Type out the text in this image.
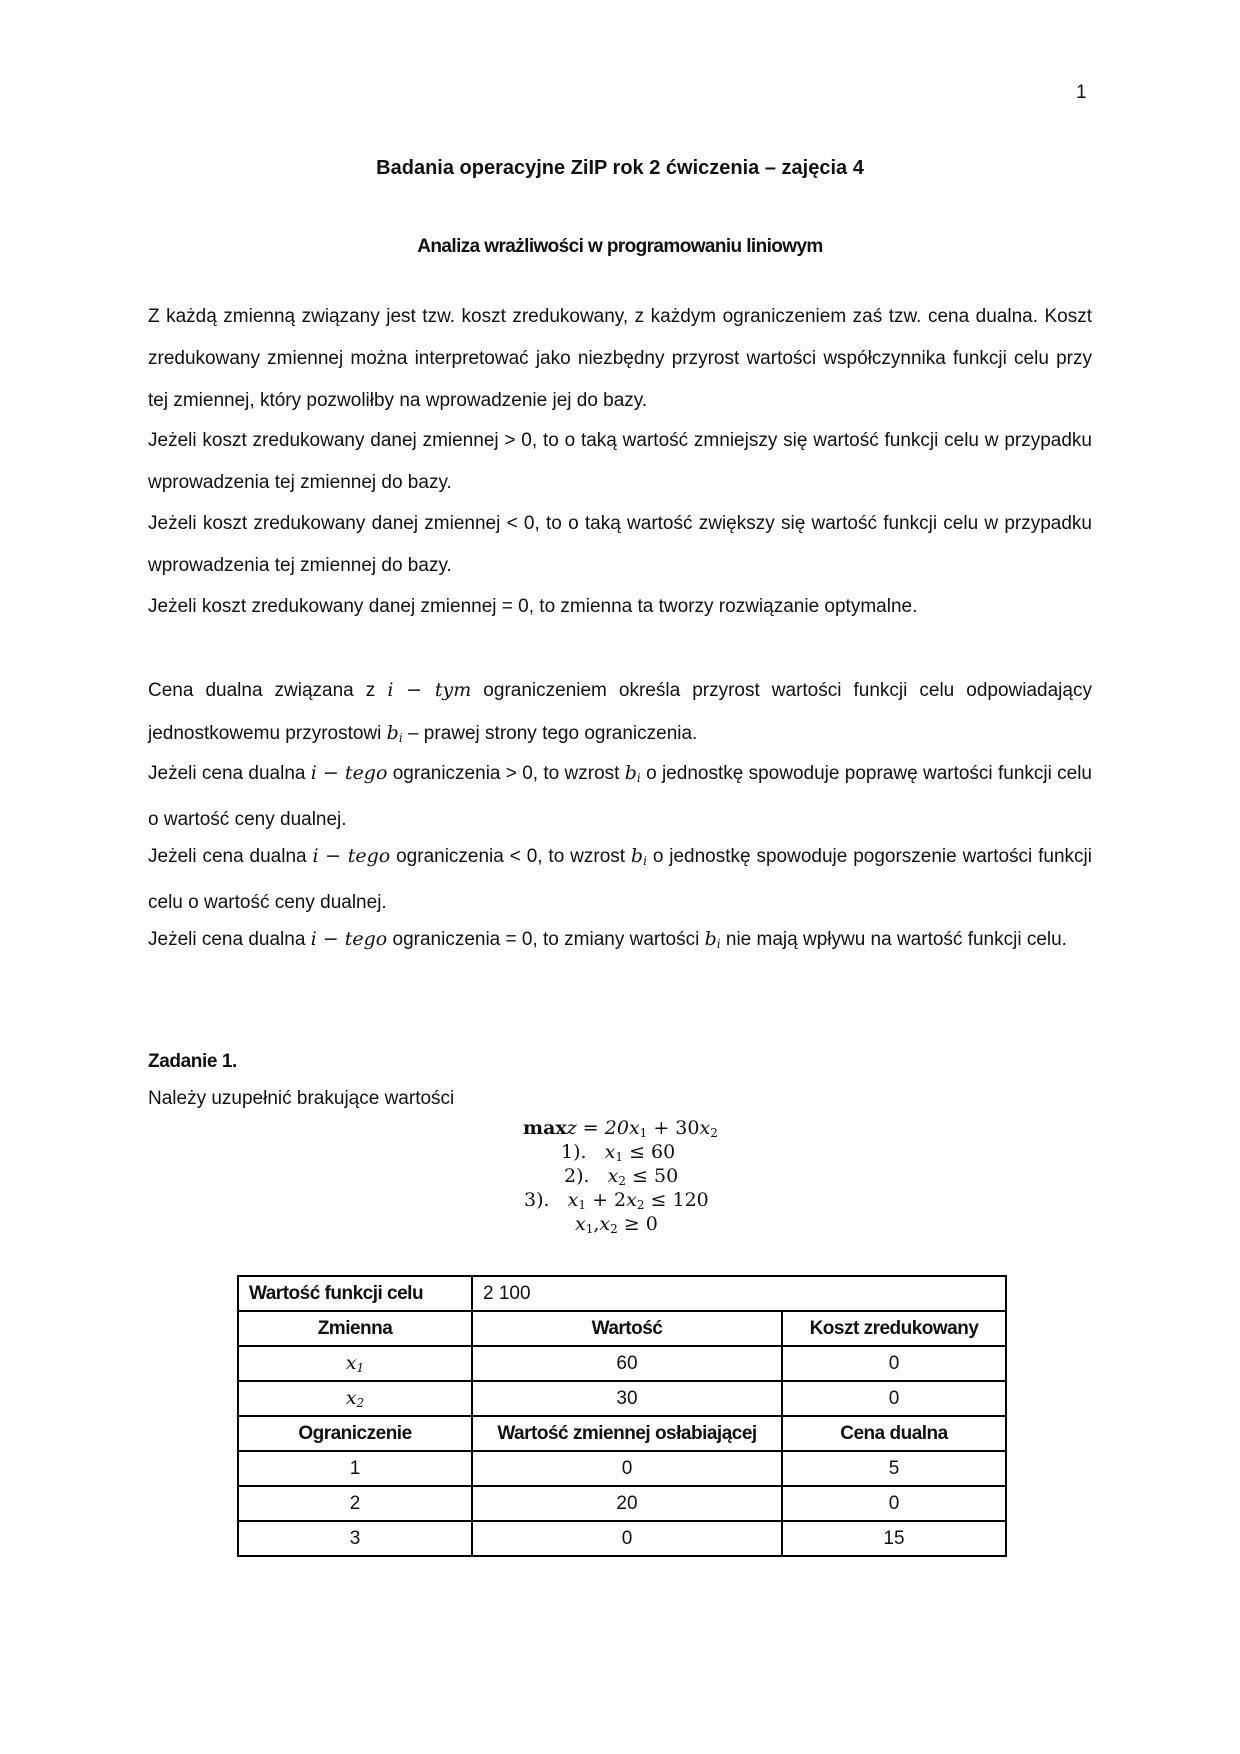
1
Badania operacyjne ZiIP rok 2 ćwiczenia – zajęcia 4
Analiza wrażliwości w programowaniu liniowym
Z każdą zmienną związany jest tzw. koszt zredukowany, z każdym ograniczeniem zaś tzw. cena dualna. Koszt zredukowany zmiennej można interpretować jako niezbędny przyrost wartości współczynnika funkcji celu przy tej zmiennej, który pozwoliłby na wprowadzenie jej do bazy.
Jeżeli koszt zredukowany danej zmiennej > 0, to o taką wartość zmniejszy się wartość funkcji celu w przypadku wprowadzenia tej zmiennej do bazy.
Jeżeli koszt zredukowany danej zmiennej < 0, to o taką wartość zwiększy się wartość funkcji celu w przypadku wprowadzenia tej zmiennej do bazy.
Jeżeli koszt zredukowany danej zmiennej = 0, to zmienna ta tworzy rozwiązanie optymalne.
Cena dualna związana z i − tym ograniczeniem określa przyrost wartości funkcji celu odpowiadający jednostkowemu przyrostowi $b_i$ – prawej strony tego ograniczenia.
Jeżeli cena dualna i − tego ograniczenia > 0, to wzrost $b_i$ o jednostkę spowoduje poprawę wartości funkcji celu o wartość ceny dualnej.
Jeżeli cena dualna i − tego ograniczenia < 0, to wzrost $b_i$ o jednostkę spowoduje pogorszenie wartości funkcji celu o wartość ceny dualnej.
Jeżeli cena dualna i − tego ograniczenia = 0, to zmiany wartości $b_i$ nie mają wpływu na wartość funkcji celu.
Zadanie 1.
Należy uzupełnić brakujące wartości
$\max z = 20x_1 + 30x_2$
1). $x_1 \le 60$
2). $x_2 \le 50$
3). $x_1 + 2x_2 \le 120$
$x_1,x_2 \ge 0$
Wartość funkcji celu	2 100	
Zmienna	Wartość	Koszt zredukowany
$x_1$	60	0
$x_2$	30	0
Ograniczenie	Wartość zmiennej osłabiającej	Cena dualna
1	0	5
2	20	0
3	0	15
